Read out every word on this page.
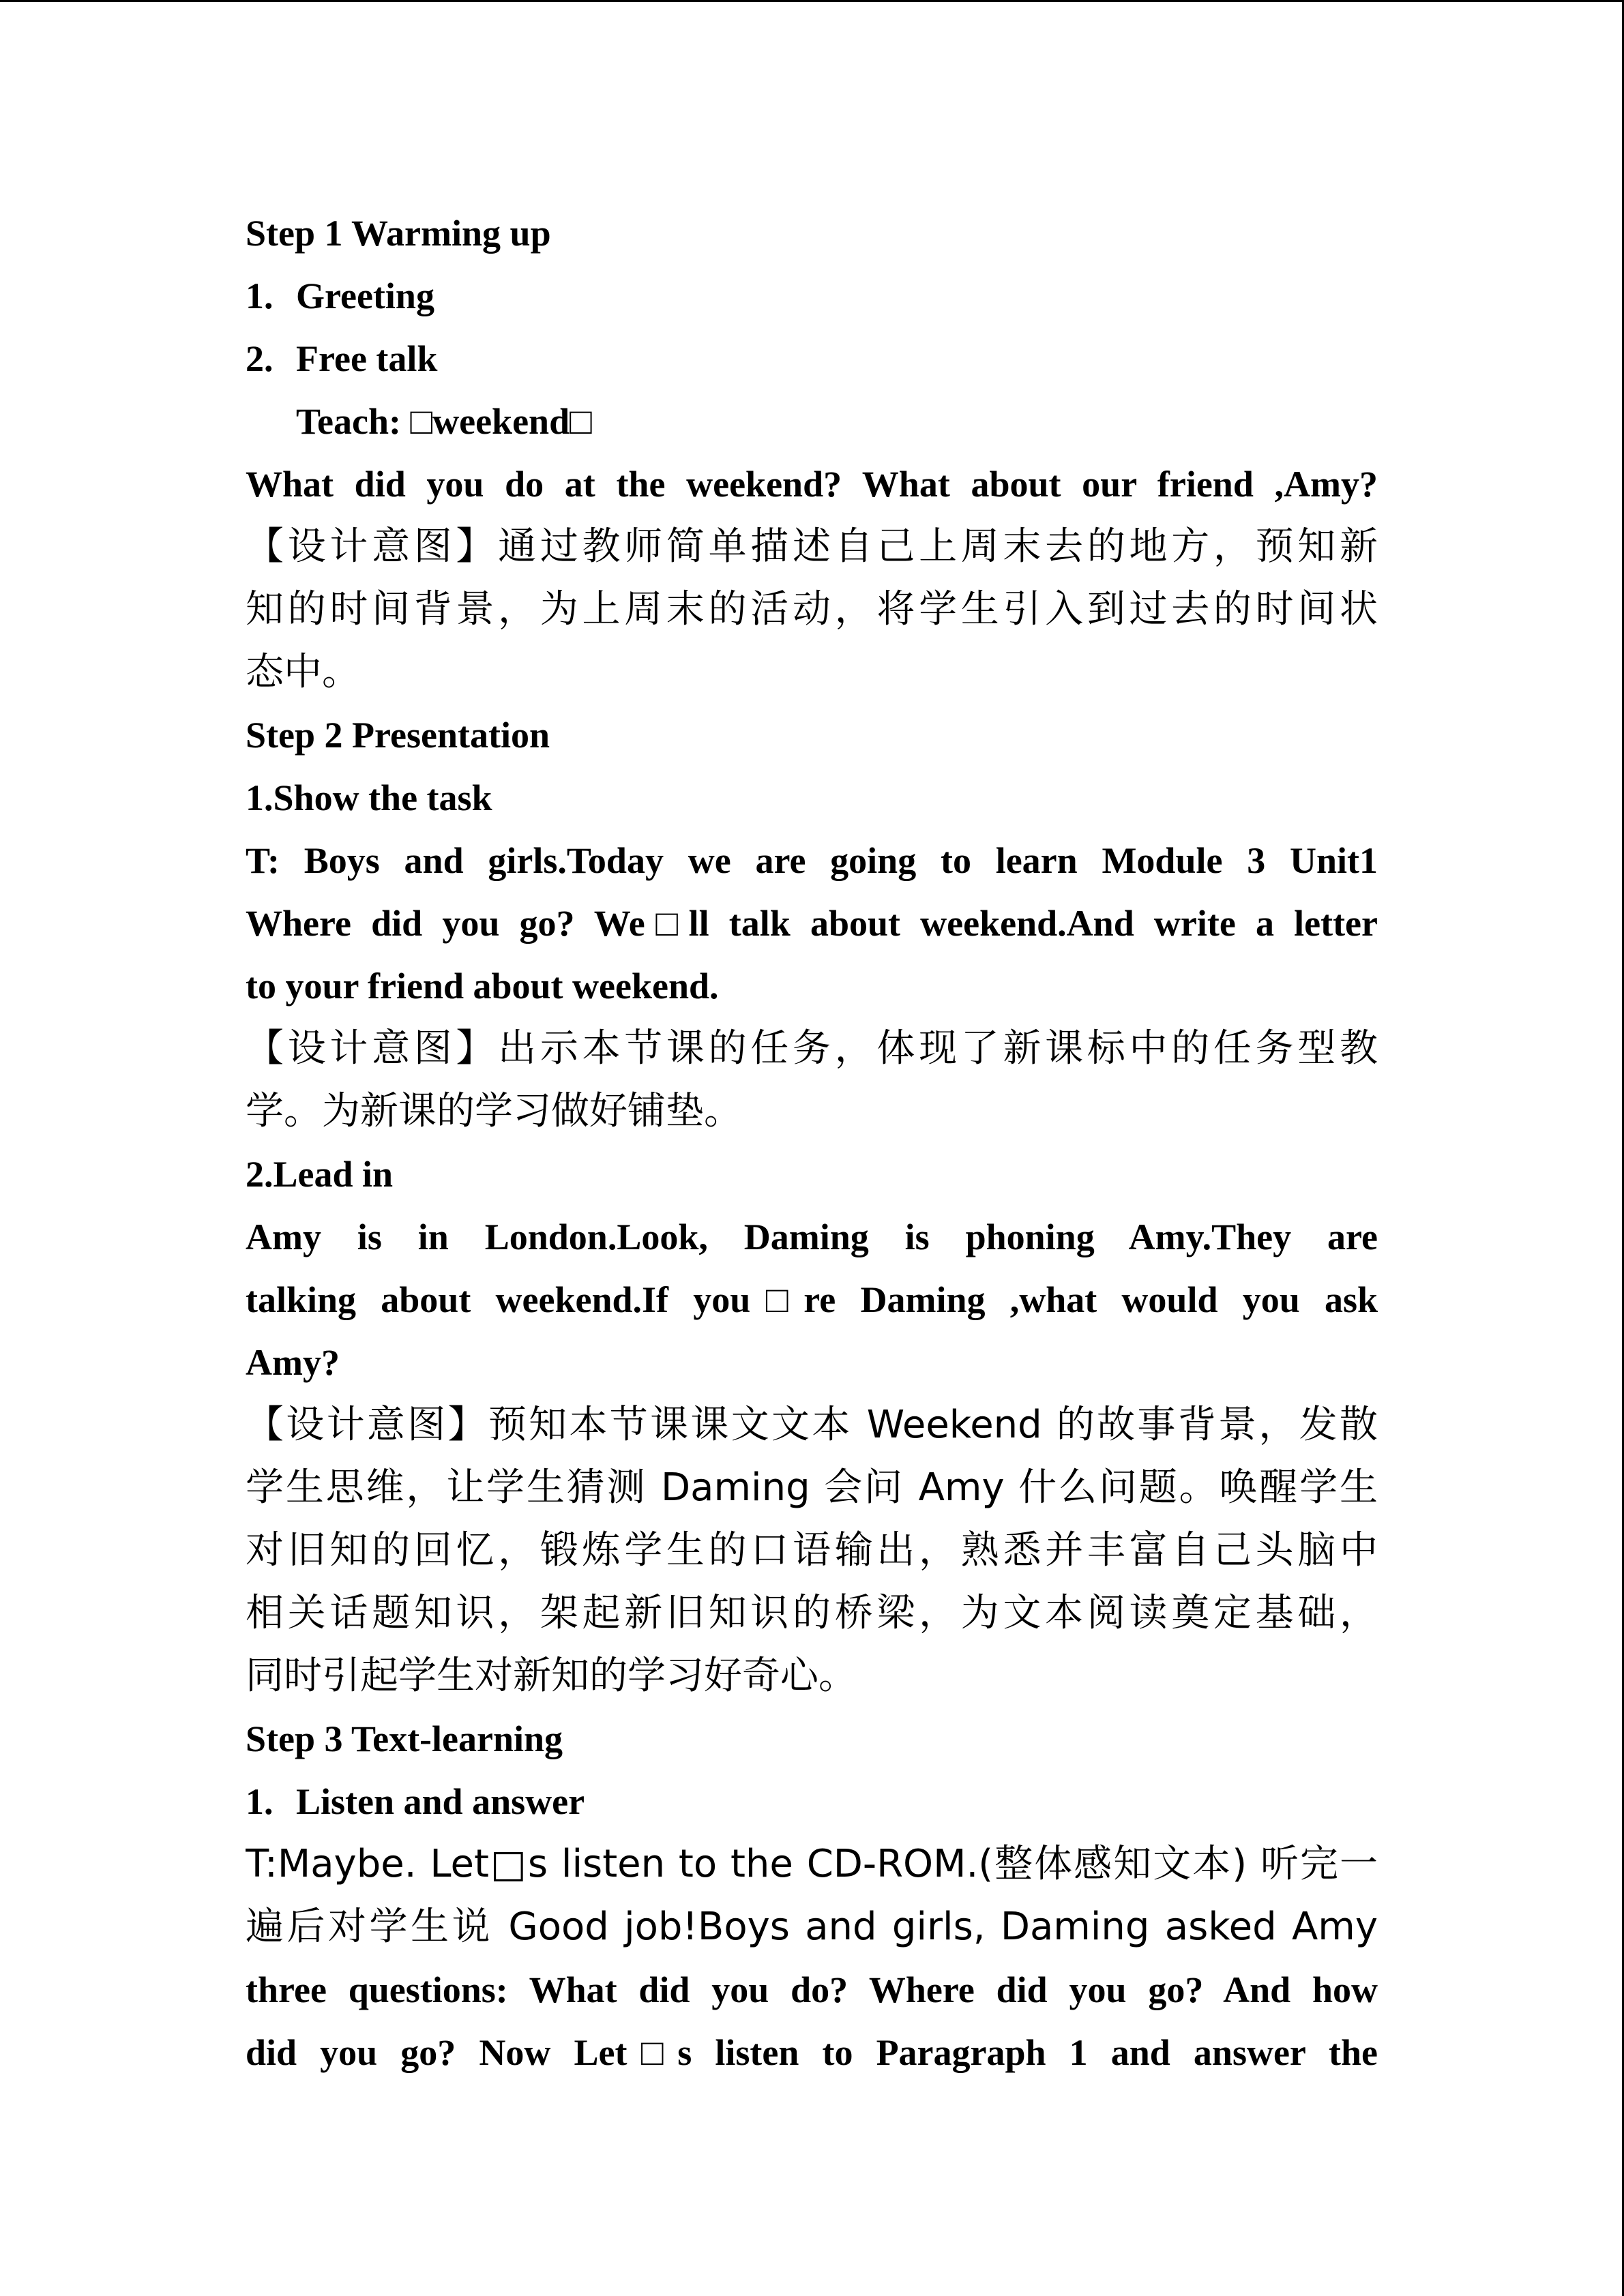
Step 1 Warming up
1. Greeting
2. Free talk
Teach: □weekend□
What did you do at the weekend? What about our friend ,Amy?
【设计意图】通过教师简单描述自己上周末去的地方，预知新
知的时间背景，为上周末的活动，将学生引入到过去的时间状
态中。
Step 2 Presentation
1.Show the task
T: Boys and girls.Today we are going to learn Module 3 Unit1
Where did you go? We□ll talk about weekend.And write a letter
to your friend about weekend.
【设计意图】出示本节课的任务，体现了新课标中的任务型教
学。为新课的学习做好铺垫。
2.Lead in
Amy is in London.Look, Daming is phoning Amy.They are
talking about weekend.If you□re Daming ,what would you ask
Amy?
【设计意图】预知本节课课文文本 Weekend 的故事背景，发散
学生思维，让学生猜测 Daming 会问 Amy 什么问题。唤醒学生
对旧知的回忆，锻炼学生的口语输出，熟悉并丰富自己头脑中
相关话题知识，架起新旧知识的桥梁，为文本阅读奠定基础，
同时引起学生对新知的学习好奇心。
Step 3 Text-learning
1. Listen and answer
T:Maybe. Let□s listen to the CD-ROM.(整体感知文本) 听完一
遍后对学生说 Good job!Boys and girls, Daming asked Amy
three questions: What did you do? Where did you go? And how
did you go? Now Let□s listen to Paragraph 1 and answer the
